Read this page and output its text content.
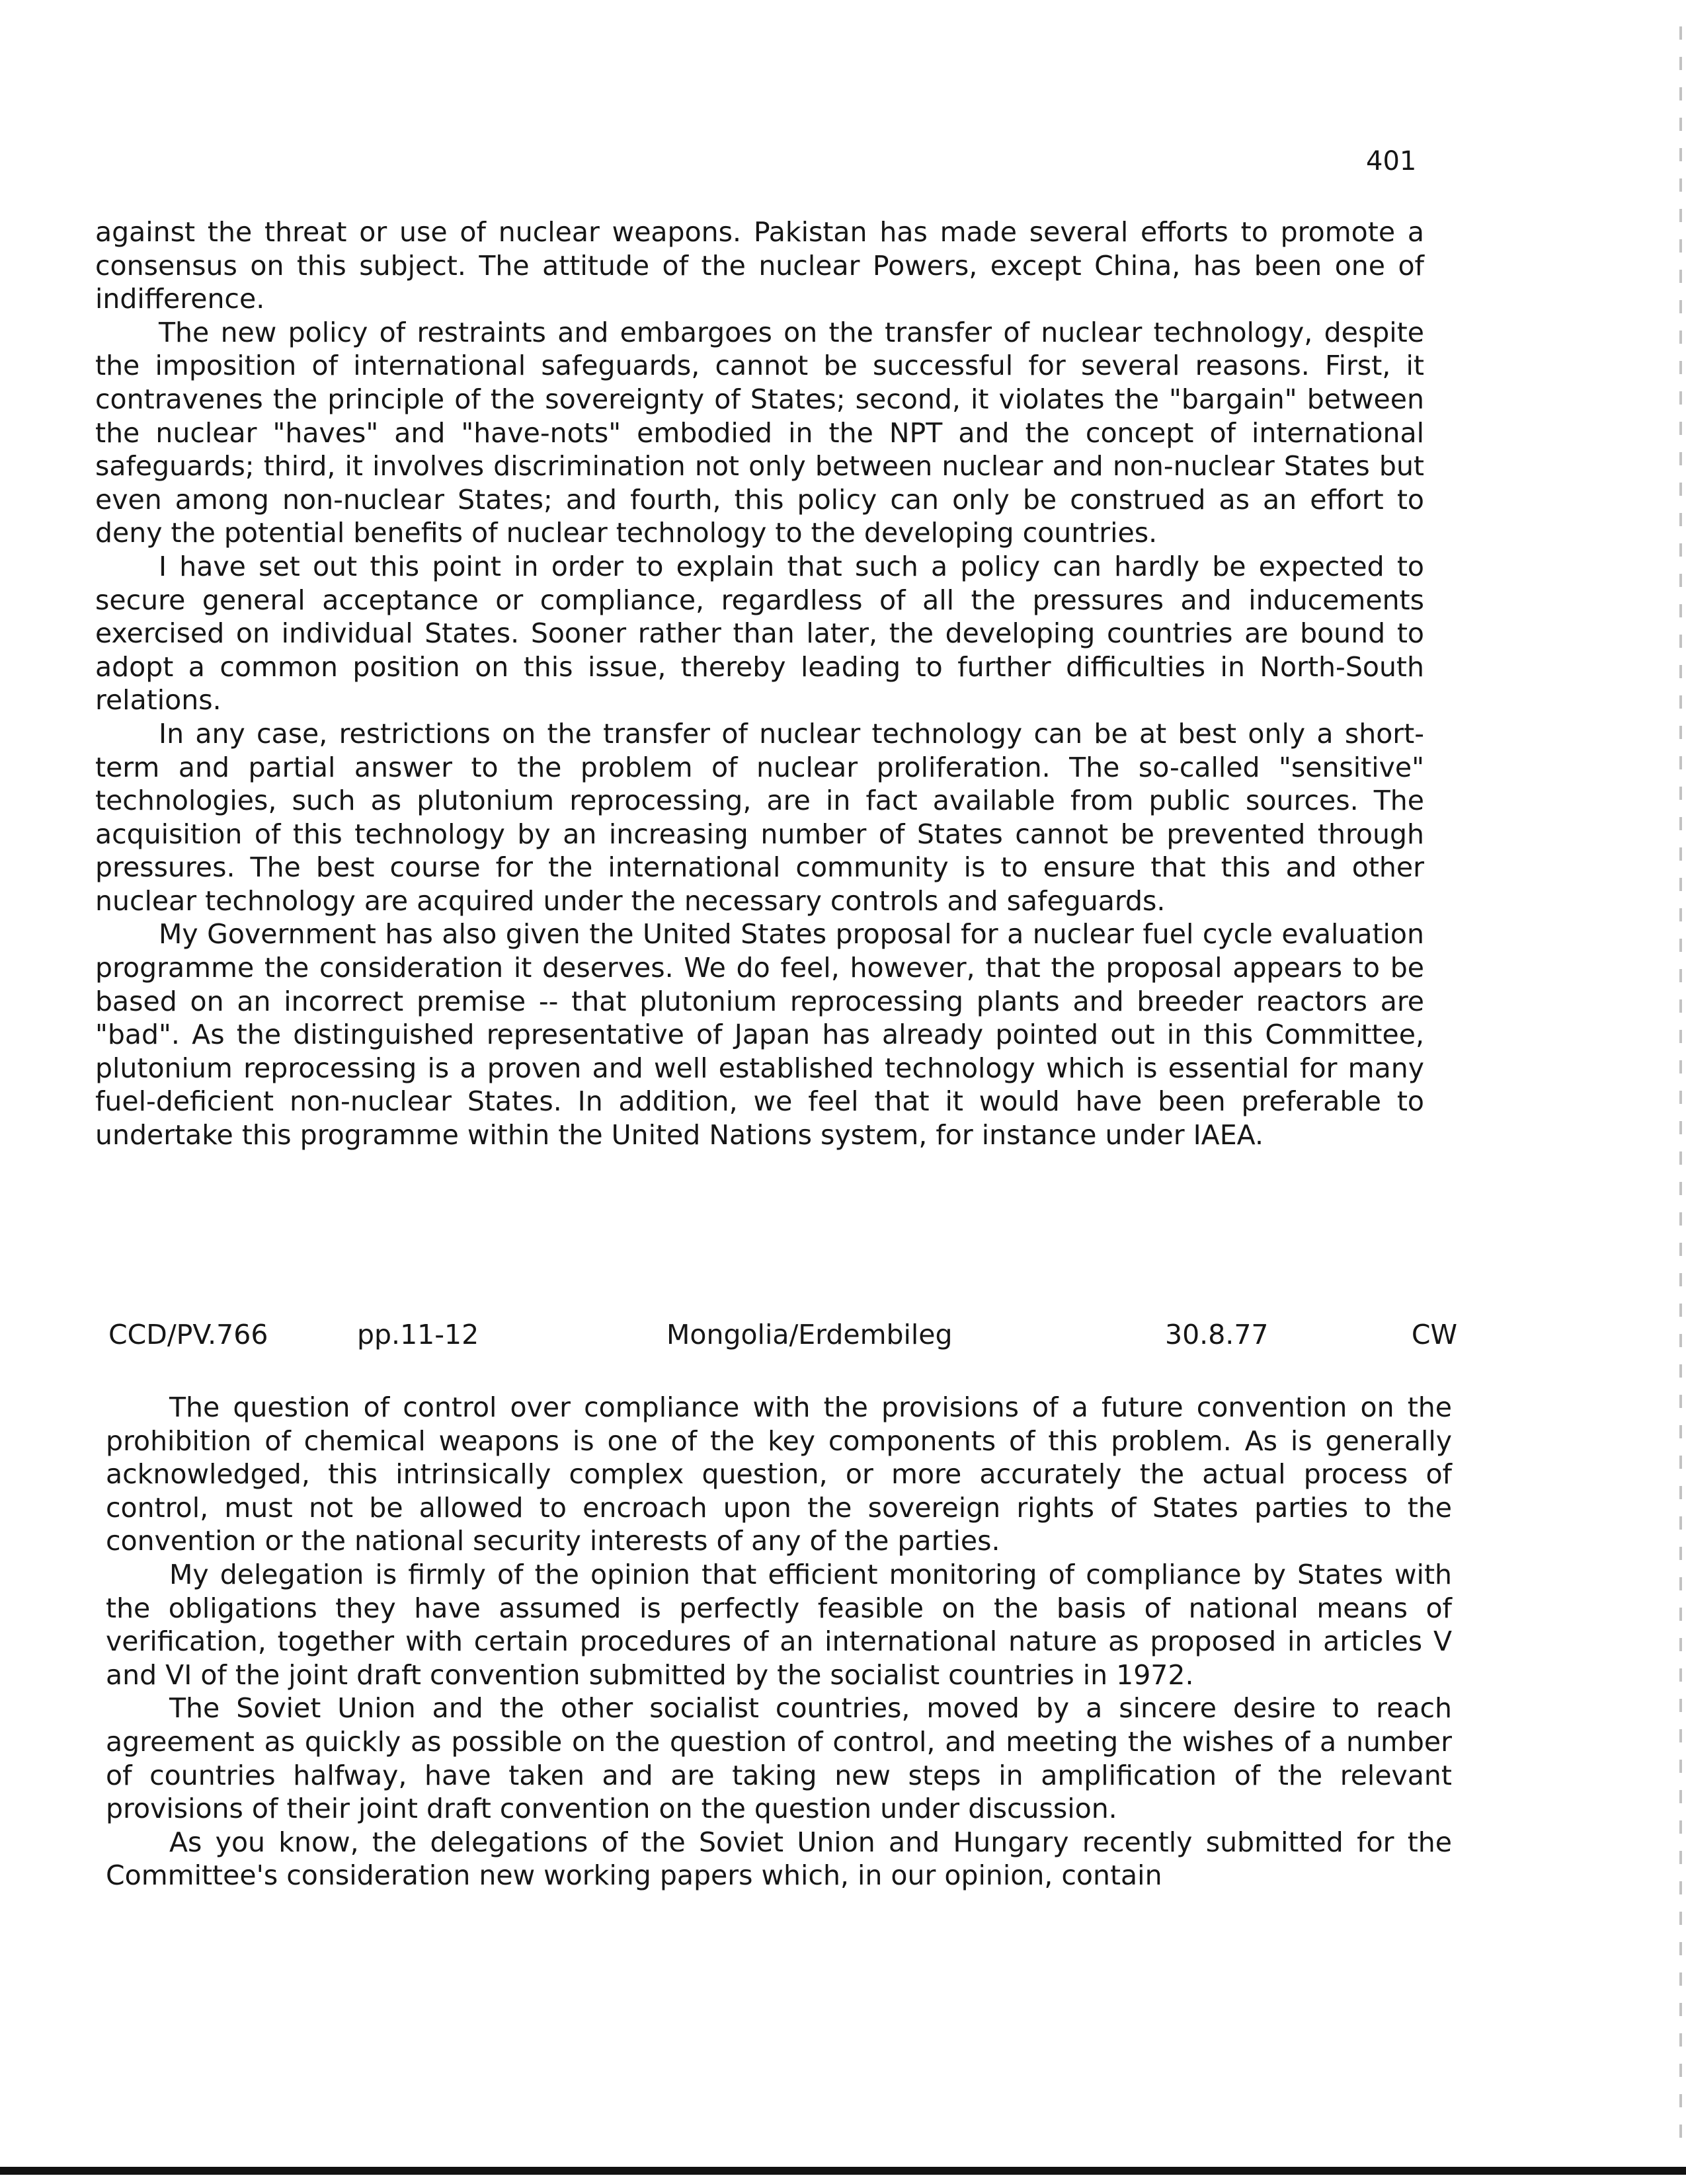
401

against the threat or use of nuclear weapons. Pakistan has made several efforts to promote a consensus on this subject. The attitude of the nuclear Powers, except China, has been one of indifference.

The new policy of restraints and embargoes on the transfer of nuclear technology, despite the imposition of international safeguards, cannot be successful for several reasons. First, it contravenes the principle of the sovereignty of States; second, it violates the "bargain" between the nuclear "haves" and "have-nots" embodied in the NPT and the concept of international safeguards; third, it involves discrimination not only between nuclear and non-nuclear States but even among non-nuclear States; and fourth, this policy can only be construed as an effort to deny the potential benefits of nuclear technology to the developing countries.

I have set out this point in order to explain that such a policy can hardly be expected to secure general acceptance or compliance, regardless of all the pressures and inducements exercised on individual States. Sooner rather than later, the developing countries are bound to adopt a common position on this issue, thereby leading to further difficulties in North-South relations.

In any case, restrictions on the transfer of nuclear technology can be at best only a short-term and partial answer to the problem of nuclear proliferation. The so-called "sensitive" technologies, such as plutonium reprocessing, are in fact available from public sources. The acquisition of this technology by an increasing number of States cannot be prevented through pressures. The best course for the international community is to ensure that this and other nuclear technology are acquired under the necessary controls and safeguards.

My Government has also given the United States proposal for a nuclear fuel cycle evaluation programme the consideration it deserves. We do feel, however, that the proposal appears to be based on an incorrect premise -- that plutonium reprocessing plants and breeder reactors are "bad". As the distinguished representative of Japan has already pointed out in this Committee, plutonium reprocessing is a proven and well established technology which is essential for many fuel-deficient non-nuclear States. In addition, we feel that it would have been preferable to undertake this programme within the United Nations system, for instance under IAEA.

CCD/PV.766	pp.11-12	Mongolia/Erdembileg	30.8.77	CW

The question of control over compliance with the provisions of a future convention on the prohibition of chemical weapons is one of the key components of this problem. As is generally acknowledged, this intrinsically complex question, or more accurately the actual process of control, must not be allowed to encroach upon the sovereign rights of States parties to the convention or the national security interests of any of the parties.

My delegation is firmly of the opinion that efficient monitoring of compliance by States with the obligations they have assumed is perfectly feasible on the basis of national means of verification, together with certain procedures of an international nature as proposed in articles V and VI of the joint draft convention submitted by the socialist countries in 1972.

The Soviet Union and the other socialist countries, moved by a sincere desire to reach agreement as quickly as possible on the question of control, and meeting the wishes of a number of countries halfway, have taken and are taking new steps in amplification of the relevant provisions of their joint draft convention on the question under discussion.

As you know, the delegations of the Soviet Union and Hungary recently submitted for the Committee's consideration new working papers which, in our opinion, contain
